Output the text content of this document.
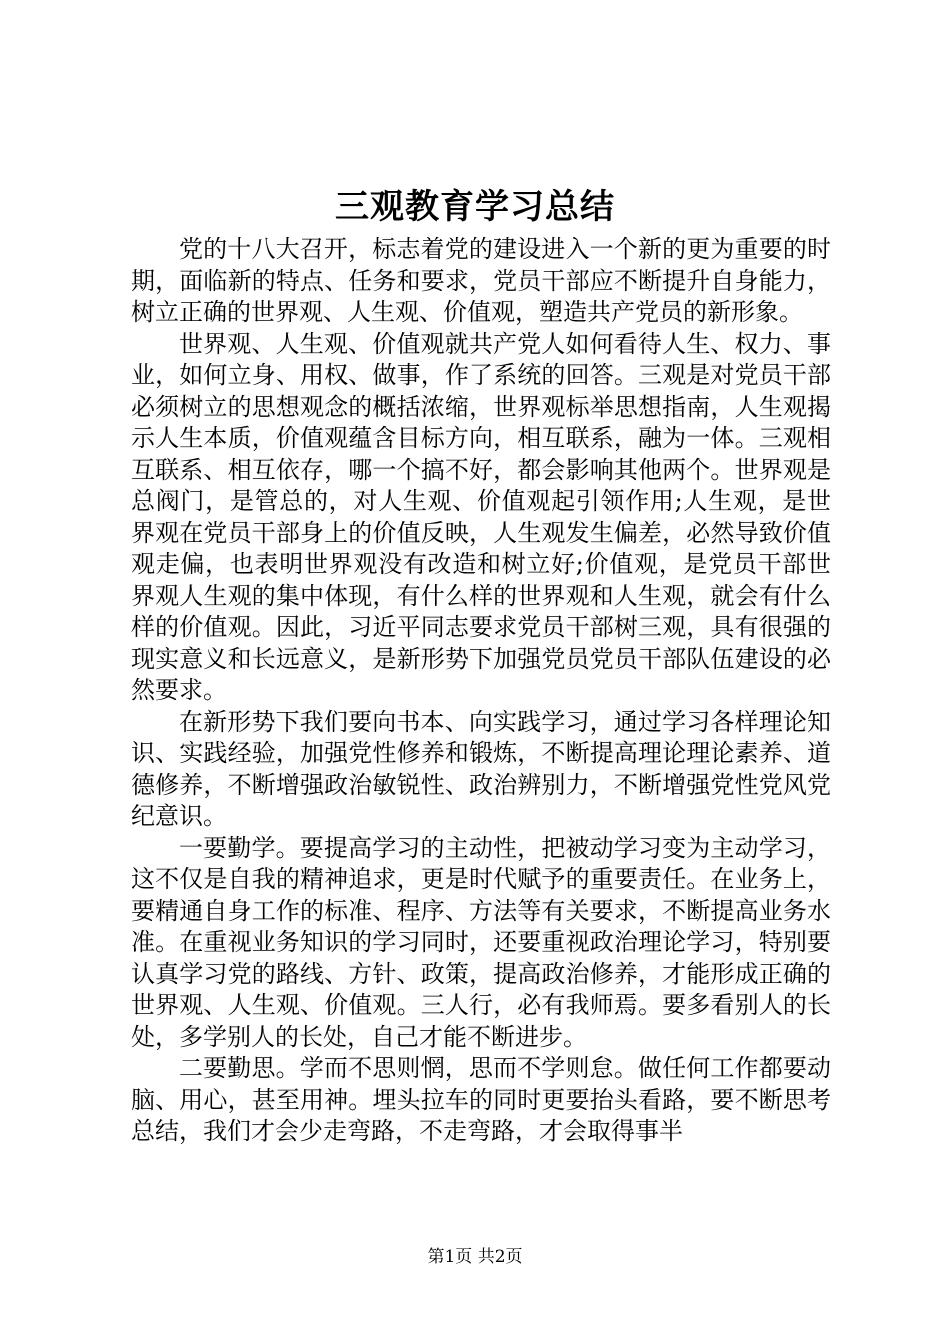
三观教育学习总结

党的十八大召开，标志着党的建设进入一个新的更为重要的时期，面临新的特点、任务和要求，党员干部应不断提升自身能力，树立正确的世界观、人生观、价值观，塑造共产党员的新形象。

世界观、人生观、价值观就共产党人如何看待人生、权力、事业，如何立身、用权、做事，作了系统的回答。三观是对党员干部必须树立的思想观念的概括浓缩，世界观标举思想指南，人生观揭示人生本质，价值观蕴含目标方向，相互联系，融为一体。三观相互联系、相互依存，哪一个搞不好，都会影响其他两个。世界观是总阀门，是管总的，对人生观、价值观起引领作用;人生观，是世界观在党员干部身上的价值反映，人生观发生偏差，必然导致价值观走偏，也表明世界观没有改造和树立好;价值观，是党员干部世界观人生观的集中体现，有什么样的世界观和人生观，就会有什么样的价值观。因此，习近平同志要求党员干部树三观，具有很强的现实意义和长远意义，是新形势下加强党员党员干部队伍建设的必然要求。

在新形势下我们要向书本、向实践学习，通过学习各样理论知识、实践经验，加强党性修养和锻炼，不断提高理论理论素养、道德修养，不断增强政治敏锐性、政治辨别力，不断增强党性党风党纪意识。

一要勤学。要提高学习的主动性，把被动学习变为主动学习，这不仅是自我的精神追求，更是时代赋予的重要责任。在业务上，要精通自身工作的标准、程序、方法等有关要求，不断提高业务水准。在重视业务知识的学习同时，还要重视政治理论学习，特别要认真学习党的路线、方针、政策，提高政治修养，才能形成正确的世界观、人生观、价值观。三人行，必有我师焉。要多看别人的长处，多学别人的长处，自己才能不断进步。

二要勤思。学而不思则惘，思而不学则怠。做任何工作都要动脑、用心，甚至用神。埋头拉车的同时更要抬头看路，要不断思考总结，我们才会少走弯路，不走弯路，才会取得事半

第1页 共2页
